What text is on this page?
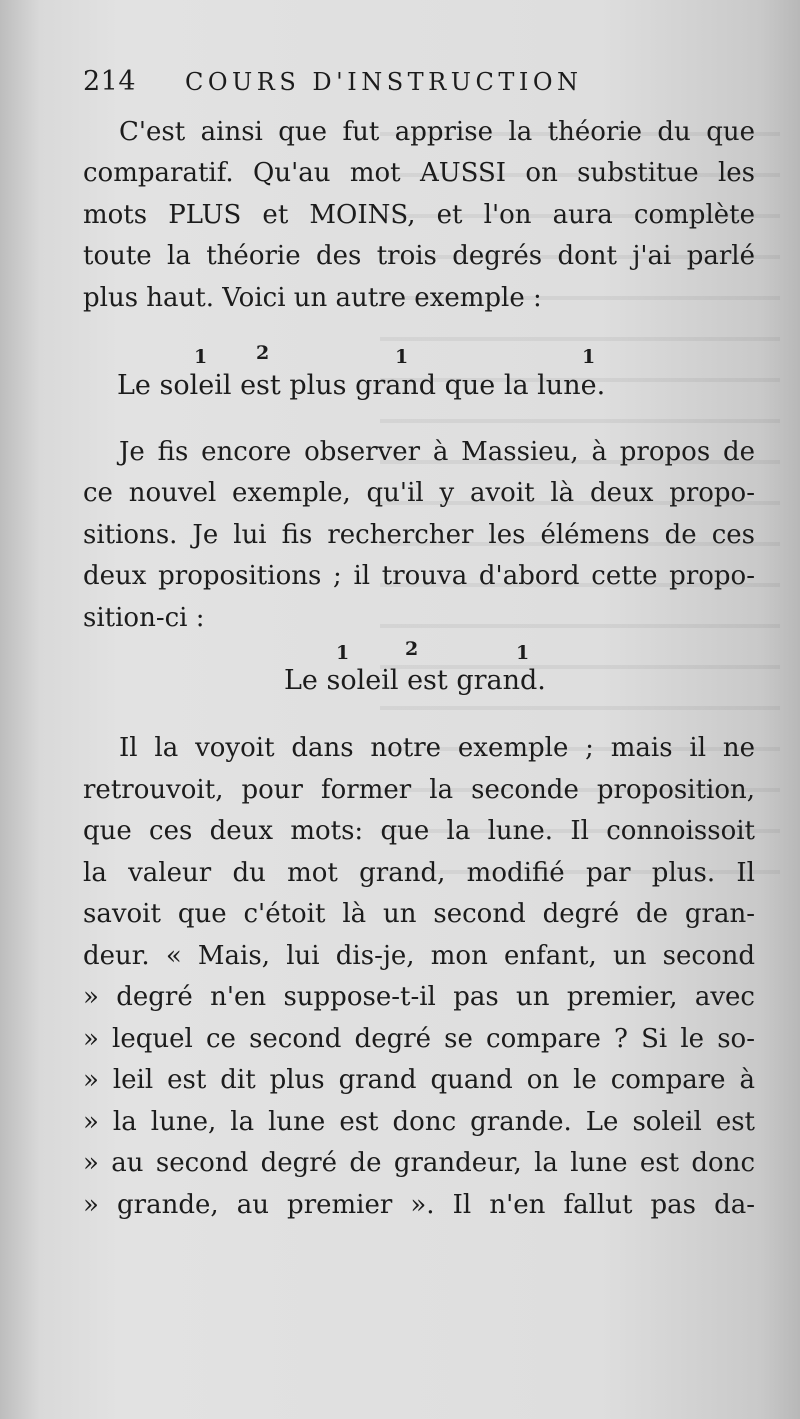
214 COURS D'INSTRUCTION
C'est ainsi que fut apprise la théorie du que
comparatif. Qu'au mot AUSSI on substitue les
mots PLUS et MOINS, et l'on aura complète
toute la théorie des trois degrés dont j'ai parlé
plus haut. Voici un autre exemple :
1	2	1	1
Le soleil est plus grand que la lune.
Je fis encore observer à Massieu, à propos de
ce nouvel exemple, qu'il y avoit là deux propo-
sitions. Je lui fis rechercher les élémens de ces
deux propositions ; il trouva d'abord cette propo-
sition-ci :
1	2	1
Le soleil est grand.
Il la voyoit dans notre exemple ; mais il ne
retrouvoit, pour former la seconde proposition,
que ces deux mots: que la lune. Il connoissoit
la valeur du mot grand, modifié par plus. Il
savoit que c'étoit là un second degré de gran-
deur. « Mais, lui dis-je, mon enfant, un second
» degré n'en suppose-t-il pas un premier, avec
» lequel ce second degré se compare ? Si le so-
» leil est dit plus grand quand on le compare à
» la lune, la lune est donc grande. Le soleil est
» au second degré de grandeur, la lune est donc
» grande, au premier ». Il n'en fallut pas da-
